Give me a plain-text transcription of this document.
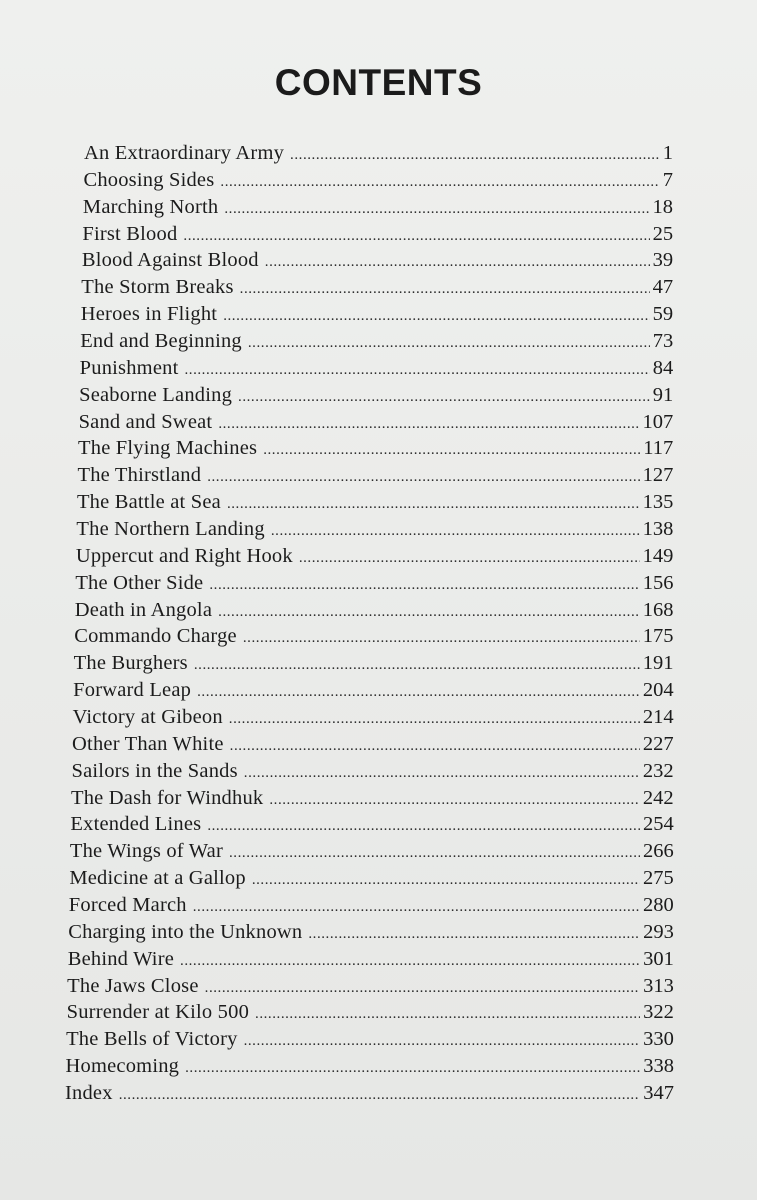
CONTENTS
An Extraordinary Army . . .	1
Choosing Sides . . .	7
Marching North . . .	18
First Blood . . .	25
Blood Against Blood . . .	39
The Storm Breaks . . .	47
Heroes in Flight . . .	59
End and Beginning . . .	73
Punishment . . .	84
Seaborne Landing . . .	91
Sand and Sweat . . .	107
The Flying Machines . . .	117
The Thirstland . . .	127
The Battle at Sea . . .	135
The Northern Landing . . .	138
Uppercut and Right Hook . . .	149
The Other Side . . .	156
Death in Angola . . .	168
Commando Charge . . .	175
The Burghers . . .	191
Forward Leap . . .	204
Victory at Gibeon . . .	214
Other Than White . . .	227
Sailors in the Sands . . .	232
The Dash for Windhuk . . .	242
Extended Lines . . .	254
The Wings of War . . .	266
Medicine at a Gallop . . .	275
Forced March . . .	280
Charging into the Unknown . . .	293
Behind Wire . . .	301
The Jaws Close . . .	313
Surrender at Kilo 500 . . .	322
The Bells of Victory . . .	330
Homecoming . . .	338
Index . . .	347
